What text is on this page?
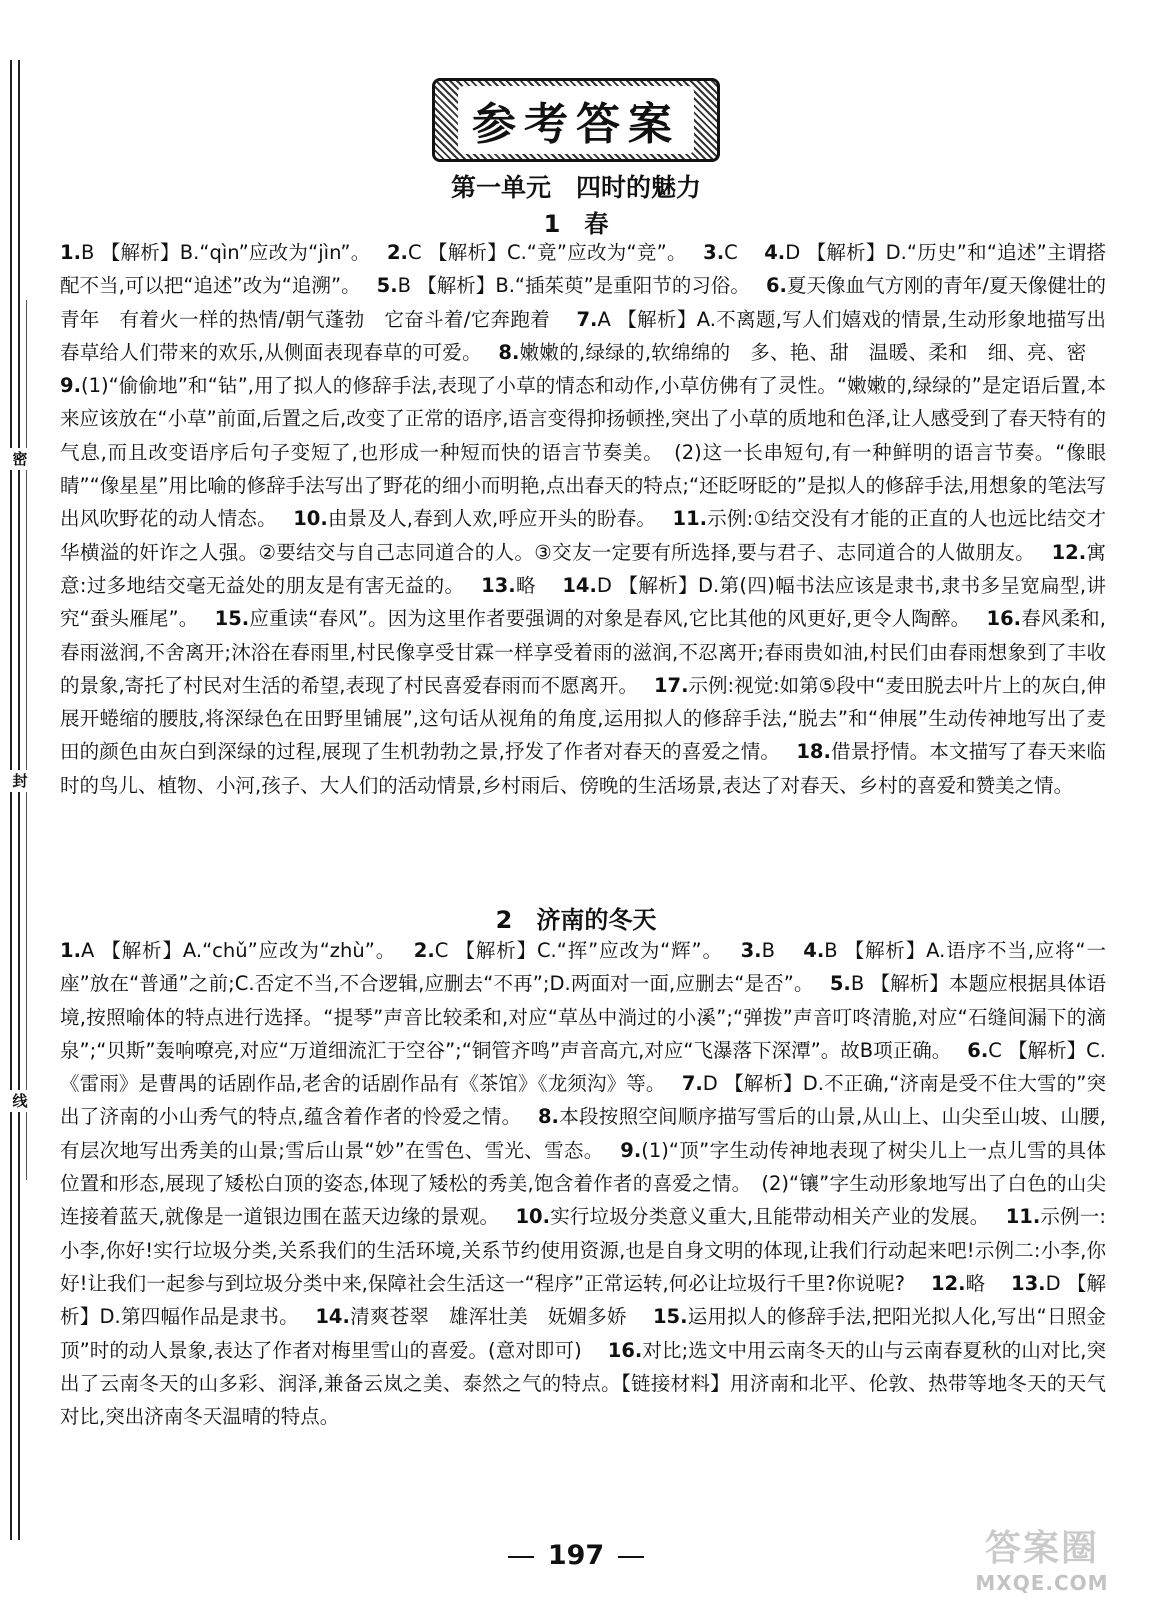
密
封
线
参考答案
第一单元　四时的魅力
1　春
1.B 【解析】B.“qìn”应改为“jìn”。　 2.C 【解析】C.“竟”应改为“竞”。　 3.C　 4.D 【解析】D.“历史”和“追述”主谓搭配不当,可以把“追述”改为“追溯”。　 5.B 【解析】B.“插茱萸”是重阳节的习俗。　 6.夏天像血气方刚的青年/夏天像健壮的青年　有着火一样的热情/朝气蓬勃　它奋斗着/它奔跑着　 7.A 【解析】A.不离题,写人们嬉戏的情景,生动形象地描写出春草给人们带来的欢乐,从侧面表现春草的可爱。　 8.嫩嫩的,绿绿的,软绵绵的　多、艳、甜　温暖、柔和　细、亮、密　 9.(1)“偷偷地”和“钻”,用了拟人的修辞手法,表现了小草的情态和动作,小草仿佛有了灵性。“嫩嫩的,绿绿的”是定语后置,本来应该放在“小草”前面,后置之后,改变了正常的语序,语言变得抑扬顿挫,突出了小草的质地和色泽,让人感受到了春天特有的气息,而且改变语序后句子变短了,也形成一种短而快的语言节奏美。　(2)这一长串短句,有一种鲜明的语言节奏。“像眼睛”“像星星”用比喻的修辞手法写出了野花的细小而明艳,点出春天的特点;“还眨呀眨的”是拟人的修辞手法,用想象的笔法写出风吹野花的动人情态。　 10.由景及人,春到人欢,呼应开头的盼春。　 11.示例:①结交没有才能的正直的人也远比结交才华横溢的奸诈之人强。②要结交与自己志同道合的人。③交友一定要有所选择,要与君子、志同道合的人做朋友。　 12.寓意:过多地结交毫无益处的朋友是有害无益的。　 13.略　 14.D 【解析】D.第(四)幅书法应该是隶书,隶书多呈宽扁型,讲究“蚕头雁尾”。　 15.应重读“春风”。因为这里作者要强调的对象是春风,它比其他的风更好,更令人陶醉。　 16.春风柔和,春雨滋润,不舍离开;沐浴在春雨里,村民像享受甘霖一样享受着雨的滋润,不忍离开;春雨贵如油,村民们由春雨想象到了丰收的景象,寄托了村民对生活的希望,表现了村民喜爱春雨而不愿离开。　 17.示例:视觉:如第⑤段中“麦田脱去叶片上的灰白,伸展开蜷缩的腰肢,将深绿色在田野里铺展”,这句话从视角的角度,运用拟人的修辞手法,“脱去”和“伸展”生动传神地写出了麦田的颜色由灰白到深绿的过程,展现了生机勃勃之景,抒发了作者对春天的喜爱之情。　 18.借景抒情。本文描写了春天来临时的鸟儿、植物、小河,孩子、大人们的活动情景,乡村雨后、傍晚的生活场景,表达了对春天、乡村的喜爱和赞美之情。　
2　济南的冬天
1.A 【解析】A.“chǔ”应改为“zhù”。　 2.C 【解析】C.“挥”应改为“辉”。　 3.B　 4.B 【解析】A.语序不当,应将“一座”放在“普通”之前;C.否定不当,不合逻辑,应删去“不再”;D.两面对一面,应删去“是否”。　 5.B 【解析】本题应根据具体语境,按照喻体的特点进行选择。“提琴”声音比较柔和,对应“草丛中淌过的小溪”;“弹拨”声音叮咚清脆,对应“石缝间漏下的滴泉”;“贝斯”轰响嘹亮,对应“万道细流汇于空谷”;“铜管齐鸣”声音高亢,对应“飞瀑落下深潭”。故B项正确。　 6.C 【解析】C.《雷雨》是曹禺的话剧作品,老舍的话剧作品有《茶馆》《龙须沟》等。　 7.D 【解析】D.不正确,“济南是受不住大雪的”突出了济南的小山秀气的特点,蕴含着作者的怜爱之情。　 8.本段按照空间顺序描写雪后的山景,从山上、山尖至山坡、山腰,有层次地写出秀美的山景;雪后山景“妙”在雪色、雪光、雪态。　 9.(1)“顶”字生动传神地表现了树尖儿上一点儿雪的具体位置和形态,展现了矮松白顶的姿态,体现了矮松的秀美,饱含着作者的喜爱之情。　(2)“镶”字生动形象地写出了白色的山尖连接着蓝天,就像是一道银边围在蓝天边缘的景观。　 10.实行垃圾分类意义重大,且能带动相关产业的发展。　 11.示例一:小李,你好!实行垃圾分类,关系我们的生活环境,关系节约使用资源,也是自身文明的体现,让我们行动起来吧!示例二:小李,你好!让我们一起参与到垃圾分类中来,保障社会生活这一“程序”正常运转,何必让垃圾行千里?你说呢?　 12.略　 13.D 【解析】D.第四幅作品是隶书。　 14.清爽苍翠　雄浑壮美　妩媚多娇　 15.运用拟人的修辞手法,把阳光拟人化,写出“日照金顶”时的动人景象,表达了作者对梅里雪山的喜爱。(意对即可)　 16.对比;选文中用云南冬天的山与云南春夏秋的山对比,突出了云南冬天的山多彩、润泽,兼备云岚之美、泰然之气的特点。【链接材料】用济南和北平、伦敦、热带等地冬天的天气对比,突出济南冬天温晴的特点。　
197	答案圈
MXQE.COM
